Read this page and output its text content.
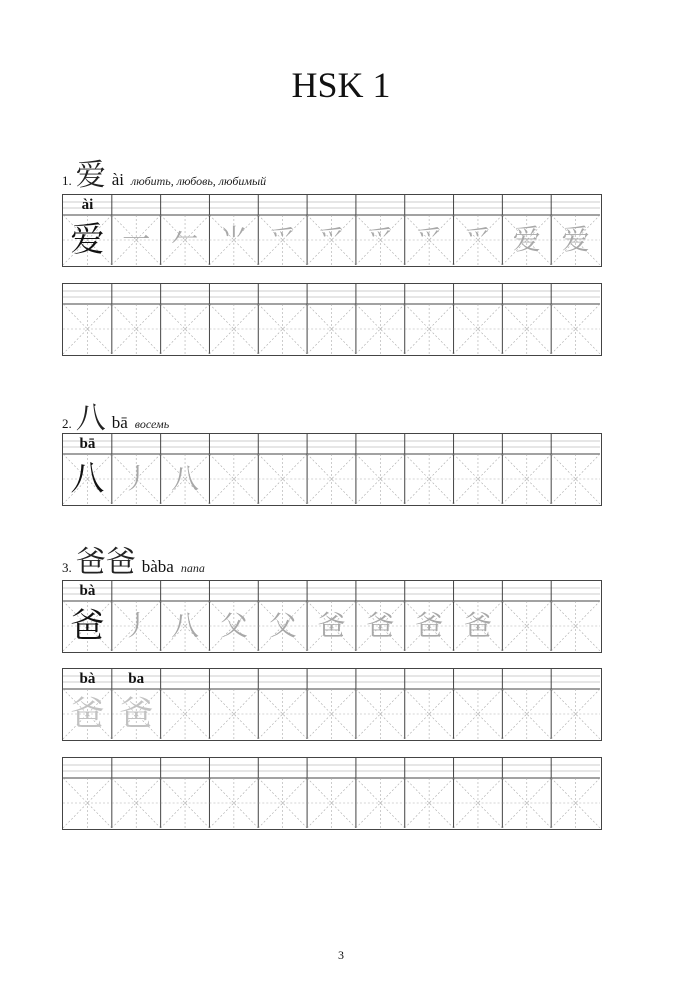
HSK 1
1. 爱 ài любить, любовь, любимый
ài
爱 一 𠂉 ⺌ 爫 爫 爫 爫 爫 爱 爱
2. 八 bā восемь
bā
八 丿 八
3. 爸爸 bàba папа
bà
爸 丿 八 父 父 爸 爸 爸 爸
bà	ba
爸 爸
3
